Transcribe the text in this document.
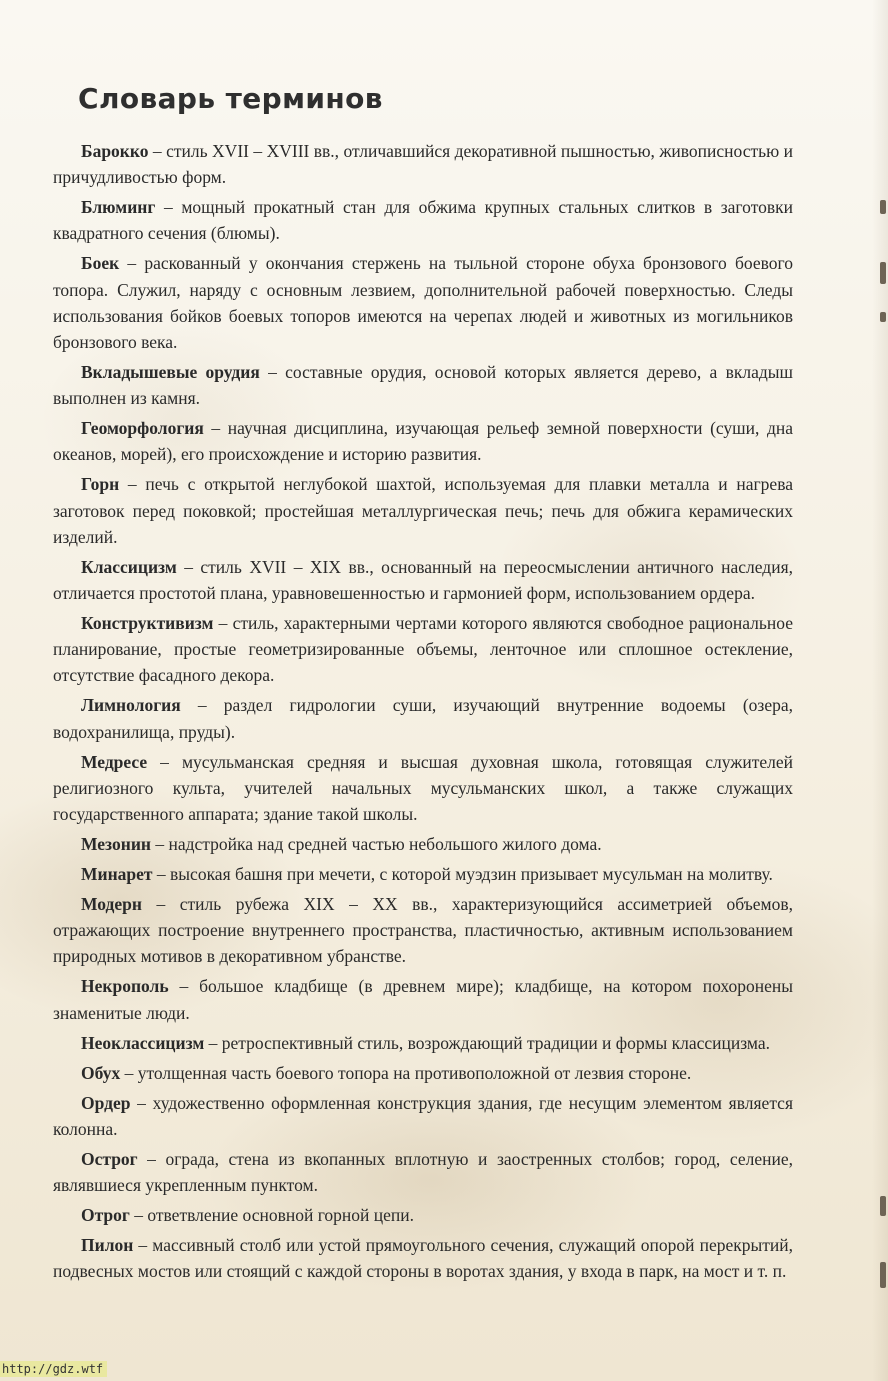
Словарь терминов

Барокко – стиль XVII – XVIII вв., отличавшийся декоративной пышностью, живописностью и причудливостью форм.

Блюминг – мощный прокатный стан для обжима крупных стальных слитков в заготовки квадратного сечения (блюмы).

Боек – раскованный у окончания стержень на тыльной стороне обуха бронзового боевого топора. Служил, наряду с основным лезвием, дополнительной рабочей поверхностью. Следы использования бойков боевых топоров имеются на черепах людей и животных из могильников бронзового века.

Вкладышевые орудия – составные орудия, основой которых является дерево, а вкладыш выполнен из камня.

Геоморфология – научная дисциплина, изучающая рельеф земной поверхности (суши, дна океанов, морей), его происхождение и историю развития.

Горн – печь с открытой неглубокой шахтой, используемая для плавки металла и нагрева заготовок перед поковкой; простейшая металлургическая печь; печь для обжига керамических изделий.

Классицизм – стиль XVII – XIX вв., основанный на переосмыслении античного наследия, отличается простотой плана, уравновешенностью и гармонией форм, использованием ордера.

Конструктивизм – стиль, характерными чертами которого являются свободное рациональное планирование, простые геометризированные объемы, ленточное или сплошное остекление, отсутствие фасадного декора.

Лимнология – раздел гидрологии суши, изучающий внутренние водоемы (озера, водохранилища, пруды).

Медресе – мусульманская средняя и высшая духовная школа, готовящая служителей религиозного культа, учителей начальных мусульманских школ, а также служащих государственного аппарата; здание такой школы.

Мезонин – надстройка над средней частью небольшого жилого дома.

Минарет – высокая башня при мечети, с которой муэдзин призывает мусульман на молитву.

Модерн – стиль рубежа XIX – XX вв., характеризующийся ассиметрией объемов, отражающих построение внутреннего пространства, пластичностью, активным использованием природных мотивов в декоративном убранстве.

Некрополь – большое кладбище (в древнем мире); кладбище, на котором похоронены знаменитые люди.

Неоклассицизм – ретроспективный стиль, возрождающий традиции и формы классицизма.

Обух – утолщенная часть боевого топора на противоположной от лезвия стороне.

Ордер – художественно оформленная конструкция здания, где несущим элементом является колонна.

Острог – ограда, стена из вкопанных вплотную и заостренных столбов; город, селение, являвшиеся укрепленным пунктом.

Отрог – ответвление основной горной цепи.

Пилон – массивный столб или устой прямоугольного сечения, служащий опорой перекрытий, подвесных мостов или стоящий с каждой стороны в воротах здания, у входа в парк, на мост и т. п.

http://gdz.wtf
